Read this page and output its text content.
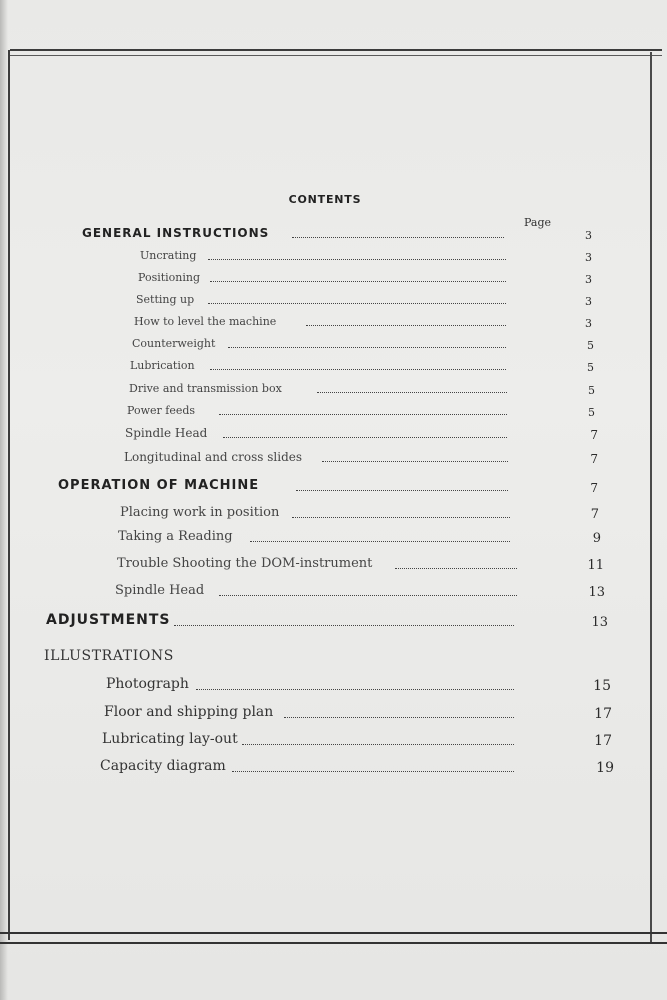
CONTENTS
Page
GENERAL INSTRUCTIONS	3
Uncrating	3
Positioning	3
Setting up	3
How to level the machine	3
Counterweight	5
Lubrication	5
Drive and transmission box	5
Power feeds	5
Spindle Head	7
Longitudinal and cross slides	7
OPERATION OF MACHINE	7
Placing work in position	7
Taking a Reading	9
Trouble Shooting the DOM-instrument	11
Spindle Head	13
ADJUSTMENTS	13
ILLUSTRATIONS
Photograph	15
Floor and shipping plan	17
Lubricating lay-out	17
Capacity diagram	19
